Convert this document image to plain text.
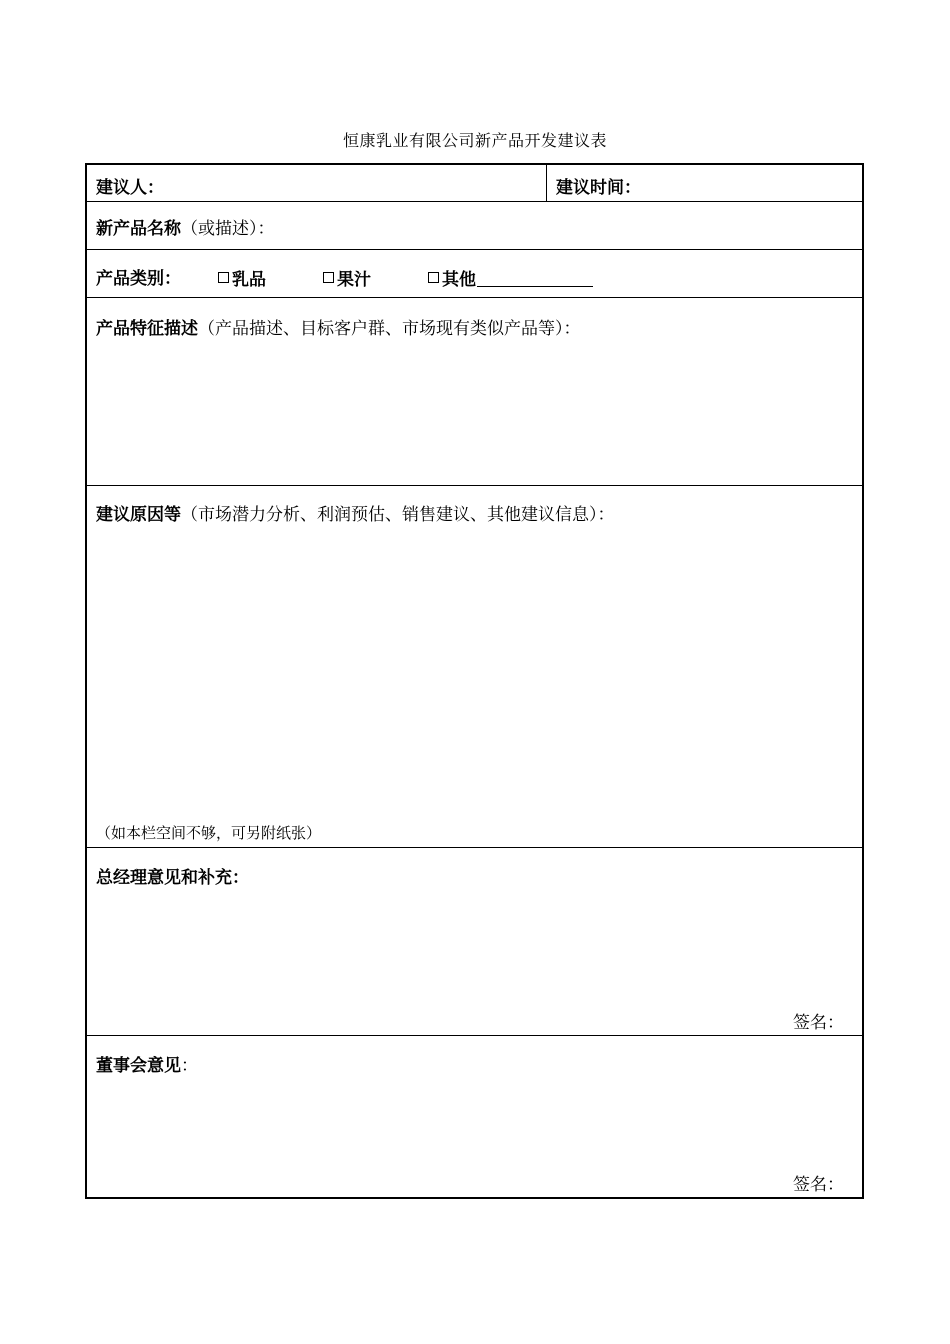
恒康乳业有限公司新产品开发建议表
建议人：	建议时间：
新产品名称（或描述）：
产品类别：	乳品	果汁	其他
产品特征描述（产品描述、目标客户群、市场现有类似产品等）：
建议原因等（市场潜力分析、利润预估、销售建议、其他建议信息）：
（如本栏空间不够，可另附纸张）
总经理意见和补充：
签名：
董事会意见：
签名：
